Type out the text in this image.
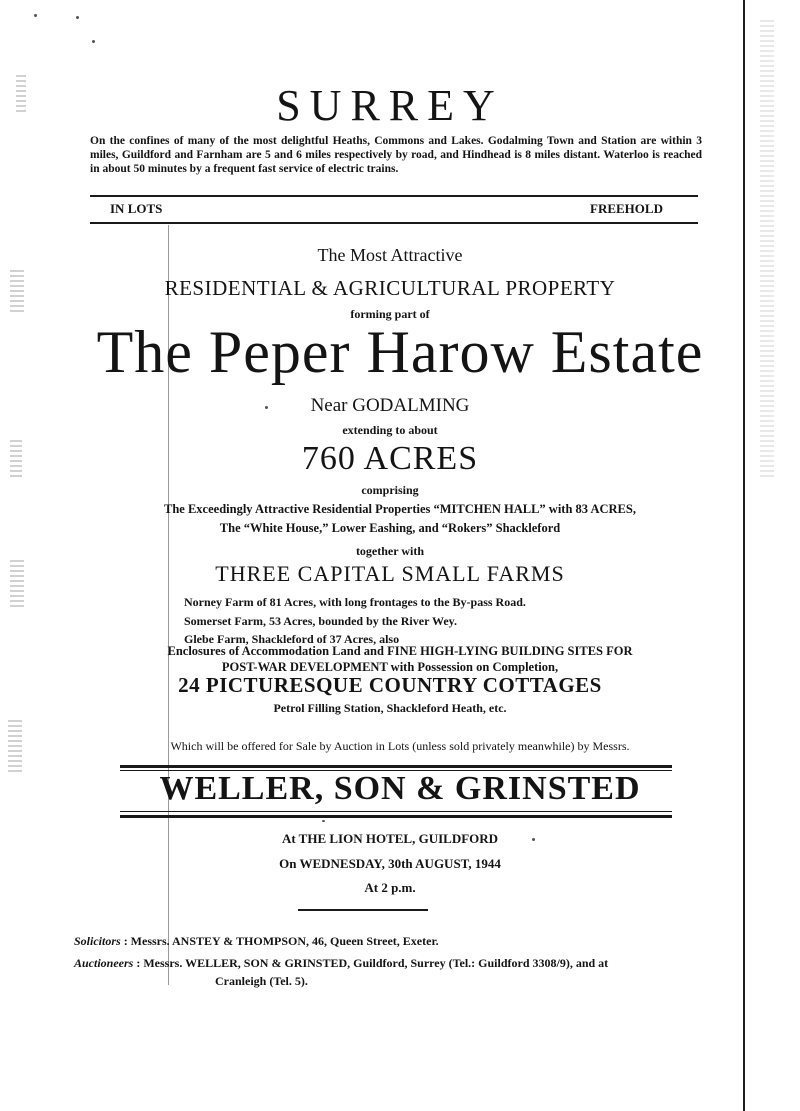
SURREY
On the confines of many of the most delightful Heaths, Commons and Lakes. Godalming Town and Station are within 3 miles, Guildford and Farnham are 5 and 6 miles respectively by road, and Hindhead is 8 miles distant. Waterloo is reached in about 50 minutes by a frequent fast service of electric trains.
IN LOTS	FREEHOLD
The Most Attractive
RESIDENTIAL & AGRICULTURAL PROPERTY
forming part of
The Peper Harow Estate
Near GODALMING
extending to about
760 ACRES
comprising
The Exceedingly Attractive Residential Properties “MITCHEN HALL” with 83 ACRES,
The “White House,” Lower Eashing, and “Rokers” Shackleford
together with
THREE CAPITAL SMALL FARMS
Norney Farm of 81 Acres, with long frontages to the By-pass Road.
Somerset Farm, 53 Acres, bounded by the River Wey.
Glebe Farm, Shackleford of 37 Acres, also
Enclosures of Accommodation Land and FINE HIGH-LYING BUILDING SITES FOR
POST-WAR DEVELOPMENT with Possession on Completion,
24 PICTURESQUE COUNTRY COTTAGES
Petrol Filling Station, Shackleford Heath, etc.
Which will be offered for Sale by Auction in Lots (unless sold privately meanwhile) by Messrs.
WELLER, SON & GRINSTED
At THE LION HOTEL, GUILDFORD
On WEDNESDAY, 30th AUGUST, 1944
At 2 p.m.
Solicitors : Messrs. ANSTEY & THOMPSON, 46, Queen Street, Exeter.
Auctioneers : Messrs. WELLER, SON & GRINSTED, Guildford, Surrey (Tel.: Guildford 3308/9), and at
Cranleigh (Tel. 5).
